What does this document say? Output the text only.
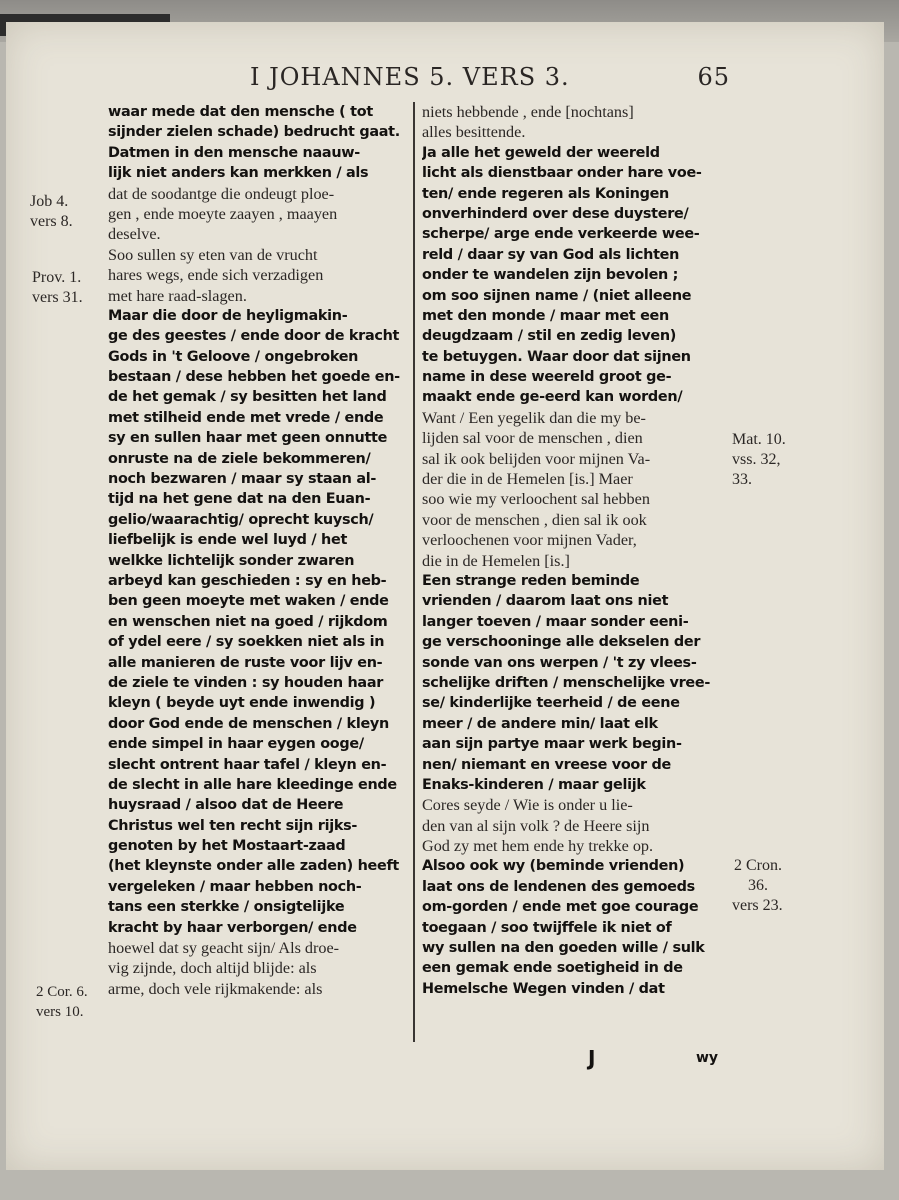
I JOHANNES 5. VERS 3.	65
waar mede dat den mensche ( tot
sijnder zielen schade) bedrucht gaat.
Datmen in den mensche naauw-
lijk niet anders kan merkken / als
dat de soodantge die ondeugt ploe-
gen , ende moeyte zaayen , maayen
deselve.
Soo sullen sy eten van de vrucht
hares wegs, ende sich verzadigen
met hare raad-slagen.
Maar die door de heyligmakin-
ge des geestes / ende door de kracht
Gods in 't Geloove / ongebroken
bestaan / dese hebben het goede en-
de het gemak / sy besitten het land
met stilheid ende met vrede / ende
sy en sullen haar met geen onnutte
onruste na de ziele bekommeren/
noch bezwaren / maar sy staan al-
tijd na het gene dat na den Euan-
gelio/waarachtig/ oprecht kuysch/
liefbelijk is ende wel luyd / het
welkke lichtelijk sonder zwaren
arbeyd kan geschieden : sy en heb-
ben geen moeyte met waken / ende
en wenschen niet na goed / rijkdom
of ydel eere / sy soekken niet als in
alle manieren de ruste voor lijv en-
de ziele te vinden : sy houden haar
kleyn ( beyde uyt ende inwendig )
door God ende de menschen / kleyn
ende simpel in haar eygen ooge/
slecht ontrent haar tafel / kleyn en-
de slecht in alle hare kleedinge ende
huysraad / alsoo dat de Heere
Christus wel ten recht sijn rijks-
genoten by het Mostaart-zaad
(het kleynste onder alle zaden) heeft
vergeleken / maar hebben noch-
tans een sterkke / onsigtelijke
kracht by haar verborgen/ ende
hoewel dat sy geacht sijn/ Als droe-
vig zijnde, doch altijd blijde: als
arme, doch vele rijkmakende: als
niets hebbende , ende [nochtans]
alles besittende.
Ja alle het geweld der weereld
licht als dienstbaar onder hare voe-
ten/ ende regeren als Koningen
onverhinderd over dese duystere/
scherpe/ arge ende verkeerde wee-
reld / daar sy van God als lichten
onder te wandelen zijn bevolen ;
om soo sijnen name / (niet alleene
met den monde / maar met een
deugdzaam / stil en zedig leven)
te betuygen. Waar door dat sijnen
name in dese weereld groot ge-
maakt ende ge-eerd kan worden/
Want / Een yegelik dan die my be-
lijden sal voor de menschen , dien
sal ik ook belijden voor mijnen Va-
der die in de Hemelen [is.] Maer
soo wie my verloochent sal hebben
voor de menschen , dien sal ik ook
verloochenen voor mijnen Vader,
die in de Hemelen [is.]
Een strange reden beminde
vrienden / daarom laat ons niet
langer toeven / maar sonder eeni-
ge verschooninge alle dekselen der
sonde van ons werpen / 't zy vlees-
schelijke driften / menschelijke vree-
se/ kinderlijke teerheid / de eene
meer / de andere min/ laat elk
aan sijn partye maar werk begin-
nen/ niemant en vreese voor de
Enaks-kinderen / maar gelijk
Cores seyde / Wie is onder u lie-
den van al sijn volk ? de Heere sijn
God zy met hem ende hy trekke op.
Alsoo ook wy (beminde vrienden)
laat ons de lendenen des gemoeds
om-gorden / ende met goe courage
toegaan / soo twijffele ik niet of
wy sullen na den goeden wille / sulk
een gemak ende soetigheid in de
Hemelsche Wegen vinden / dat
Job 4.
vers 8.
Prov. 1.
vers 31.
2 Cor. 6.
vers 10.
Mat. 10.
vss. 32,
33.
2 Cron.
36.
vers 23.
J	wy
